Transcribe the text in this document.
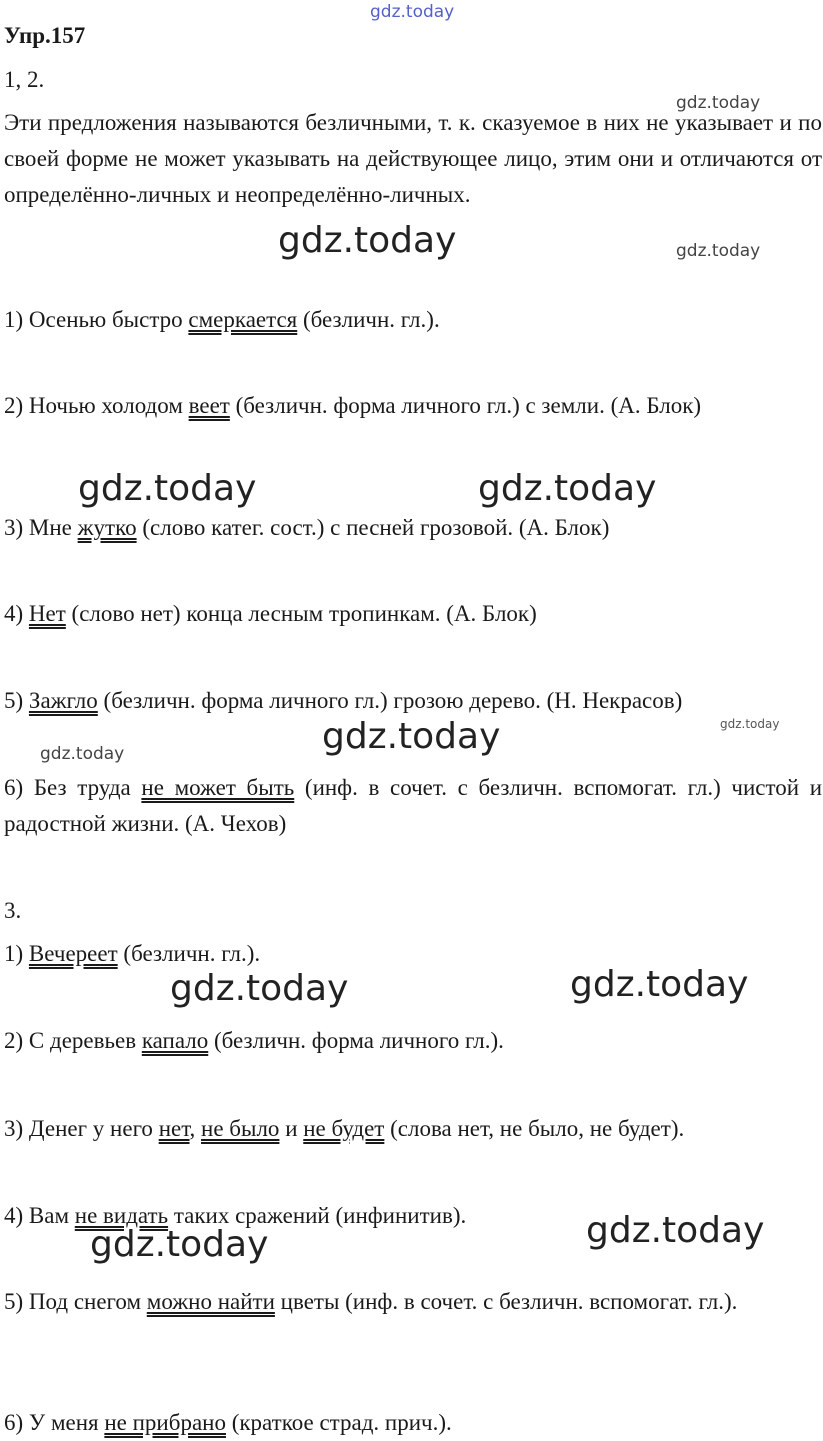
Упр.157
1, 2.
Эти предложения называются безличными, т. к. сказуемое в них не указывает и по своей форме не может указывать на действующее лицо, этим они и отличаются от определённо-личных и неопределённо-личных.
1) Осенью быстро смеркается (безличн. гл.).
2) Ночью холодом веет (безличн. форма личного гл.) с земли. (А. Блок)
3) Мне жутко (слово катег. сост.) с песней грозовой. (А. Блок)
4) Нет (слово нет) конца лесным тропинкам. (А. Блок)
5) Зажгло (безличн. форма личного гл.) грозою дерево. (Н. Некрасов)
6) Без труда не может быть (инф. в сочет. с безличн. вспомогат. гл.) чистой и радостной жизни. (А. Чехов)
3.
1) Вечереет (безличн. гл.).
2) С деревьев капало (безличн. форма личного гл.).
3) Денег у него нет, не было и не будет (слова нет, не было, не будет).
4) Вам не видать таких сражений (инфинитив).
5) Под снегом можно найти цветы (инф. в сочет. с безличн. вспомогат. гл.).
6) У меня не прибрано (краткое страд. прич.).
gdz.today
gdz.today
gdz.today	gdz.today
gdz.today	gdz.today
gdz.today
gdz.today
gdz.today
gdz.today	gdz.today
gdz.today	gdz.today
